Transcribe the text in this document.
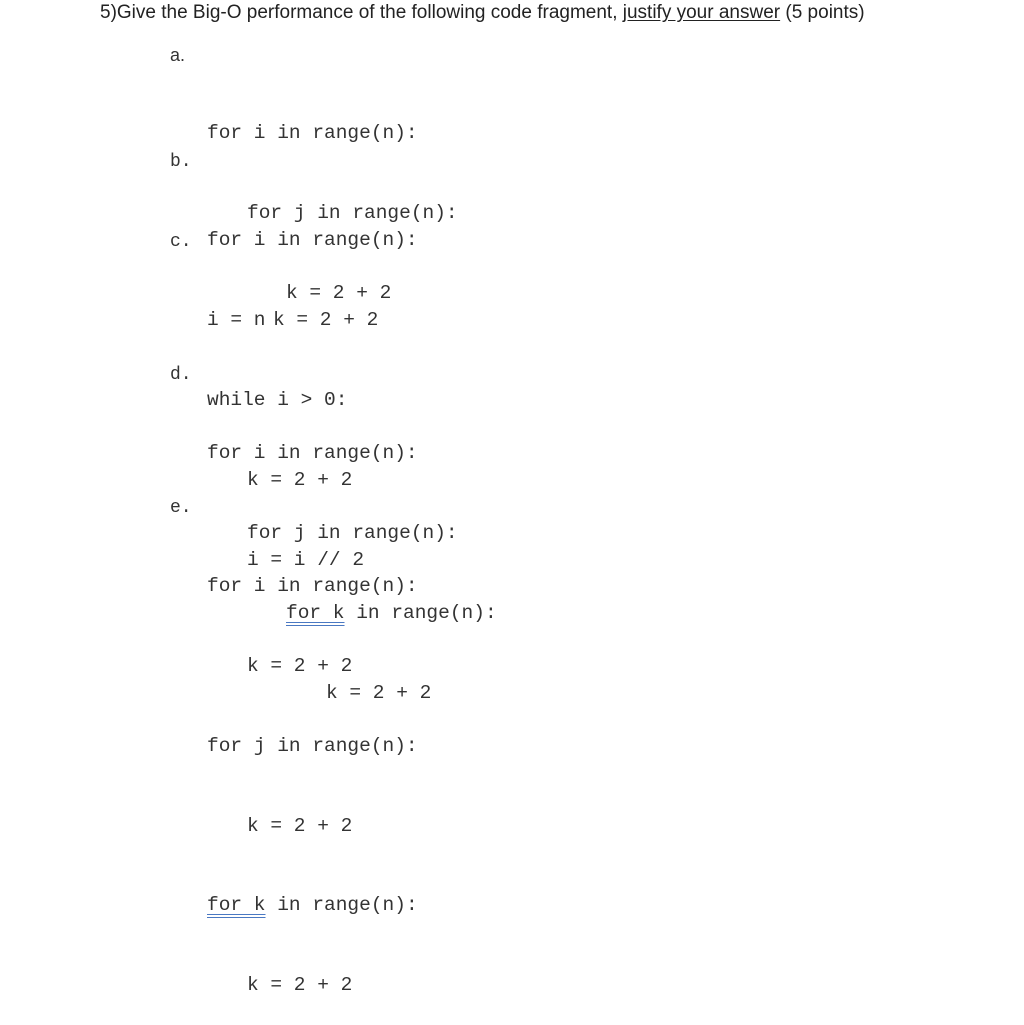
5)Give the Big-O performance of the following code fragment, justify your answer (5 points)
a.

for i in range(n):

for j in range(n):

k = 2 + 2

b.

for i in range(n):

k = 2 + 2

c.

i = n

while i > 0:

k = 2 + 2

i = i // 2

d.

for i in range(n):

for j in range(n):

for k in range(n):

k = 2 + 2

e.

for i in range(n):

k = 2 + 2

for j in range(n):

k = 2 + 2

for k in range(n):

k = 2 + 2
